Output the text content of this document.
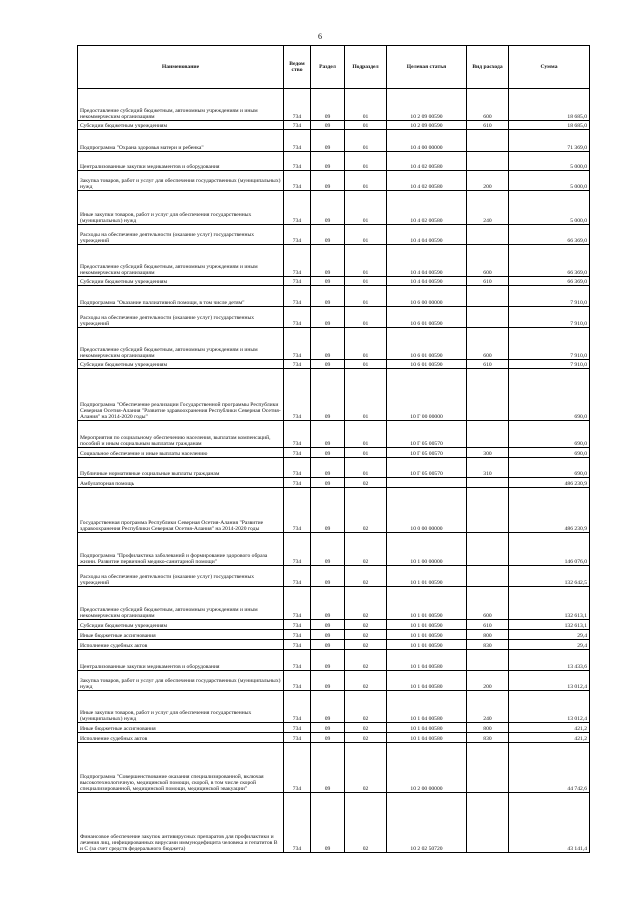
6
Наименование	Ведом ство	Раздел	Подраздел	Целевая статья	Вид расхода	Сумма

Предоставление субсидий бюджетным, автономным учреждениям и иным некоммерческим организациям	734	09	01	10 2 09 00590	600	18 685,0

Субсидии бюджетным учреждениям	734	09	01	10 2 09 00590	610	18 685,0

Подпрограмма "Охрана здоровья матери и ребенка"	734	09	01	10 4 00 00000		71 369,0

Централизованные закупки медикаментов и оборудования	734	09	01	10 4 02 00580		5 000,0

Закупка товаров, работ и услуг для обеспечения государственных (муниципальных) нужд	734	09	01	10 4 02 00580	200	5 000,0

Иные закупки товаров, работ и услуг для обеспечения государственных (муниципальных) нужд	734	09	01	10 4 02 00580	240	5 000,0

Расходы на обеспечение деятельности (оказание услуг) государственных учреждений	734	09	01	10 4 04 00590		66 369,0

Предоставление субсидий бюджетным, автономным учреждениям и иным некоммерческим организациям	734	09	01	10 4 04 00590	600	66 369,0

Субсидии бюджетным учреждениям	734	09	01	10 4 04 00590	610	66 369,0

Подпрограмма "Оказание паллиативной помощи, в том числе детям"	734	09	01	10 6 00 00000		7 910,0

Расходы на обеспечение деятельности (оказание услуг) государственных учреждений	734	09	01	10 6 01 00590		7 910,0

Предоставление субсидий бюджетным, автономным учреждениям и иным некоммерческим организациям	734	09	01	10 6 01 00590	600	7 910,0

Субсидии бюджетным учреждениям	734	09	01	10 6 01 00590	610	7 910,0

Подпрограмма "Обеспечение реализации Государственной программы Республики Северная Осетия-Алания "Развитие здравоохранения Республики Северная Осетия-Алания" на 2014-2020 годы"	734	09	01	10 Г 00 00000		690,0

Мероприятия по социальному обеспечению населения, выплатам компенсаций, пособий и иным социальным выплатам гражданам	734	09	01	10 Г 05 00570		690,0

Социальное обеспечение и иные выплаты населению	734	09	01	10 Г 05 00570	300	690,0

Публичные нормативные социальные выплаты гражданам	734	09	01	10 Г 05 00570	310	690,0

Амбулаторная помощь	734	09	02			486 230,9

Государственная программа Республики Северная Осетия-Алания "Развитие здравоохранения Республики Северная Осетия-Алания" на 2014-2020 годы	734	09	02	10 0 00 00000		486 230,9

Подпрограмма "Профилактика заболеваний и формирование здорового образа жизни. Развитие первичной медико-санитарной помощи"	734	09	02	10 1 00 00000		146 076,0

Расходы на обеспечение деятельности (оказание услуг) государственных учреждений	734	09	02	10 1 01 00590		132 642,5

Предоставление субсидий бюджетным, автономным учреждениям и иным некоммерческим организациям	734	09	02	10 1 01 00590	600	132 613,1

Субсидии бюджетным учреждениям	734	09	02	10 1 01 00590	610	132 613,1

Иные бюджетные ассигнования	734	09	02	10 1 01 00590	800	29,4

Исполнение судебных актов	734	09	02	10 1 01 00590	830	29,4

Централизованные закупки медикаментов и оборудования	734	09	02	10 1 04 00580		13 433,6

Закупка товаров, работ и услуг для обеспечения государственных (муниципальных) нужд	734	09	02	10 1 04 00580	200	13 012,4

Иные закупки товаров, работ и услуг для обеспечения государственных (муниципальных) нужд	734	09	02	10 1 04 00580	240	13 012,4

Иные бюджетные ассигнования	734	09	02	10 1 04 00580	800	421,2

Исполнение судебных актов	734	09	02	10 1 04 00580	830	421,2

Подпрограмма "Совершенствование оказания специализированной, включая высокотехнологичную, медицинской помощи, скорой, в том числе скорой специализированной, медицинской помощи, медицинской эвакуации"	734	09	02	10 2 00 00000		44 742,6

Финансовое обеспечение закупок антивирусных препаратов для профилактики и лечения лиц, инфицированных вирусами иммунодефицита человека и гепатитов В и С (за счет средств федерального бюджета)	734	09	02	10 2 02 50720		43 141,4
